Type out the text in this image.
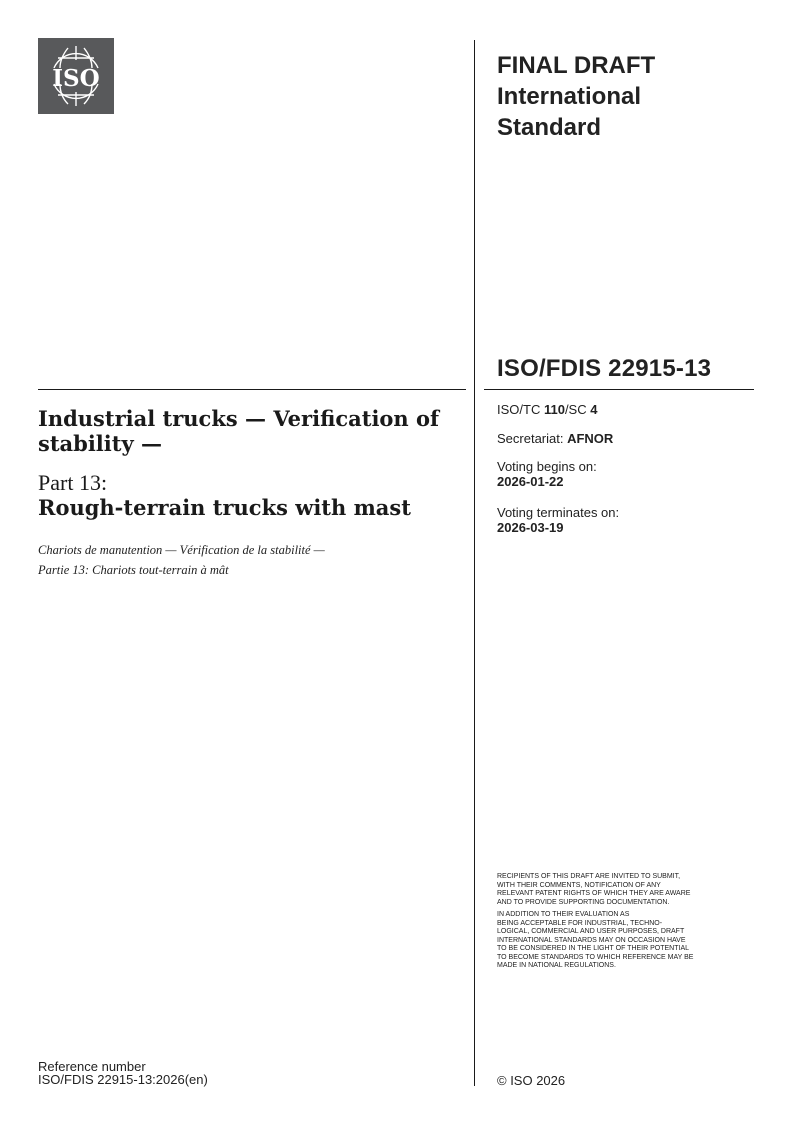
ISO	FINAL DRAFT
International
Standard
ISO/FDIS 22915-13
ISO/TC 110/SC 4
Secretariat: AFNOR
Voting begins on:
2026-01-22
Voting terminates on:
2026-03-19
Industrial trucks — Verification of stability —
Part 13:
Rough-terrain trucks with mast
Chariots de manutention — Vérification de la stabilité —
Partie 13: Chariots tout-terrain à mât
RECIPIENTS OF THIS DRAFT ARE INVITED TO SUBMIT,
WITH THEIR COMMENTS, NOTIFICATION OF ANY
RELEVANT PATENT RIGHTS OF WHICH THEY ARE AWARE
AND TO PROVIDE SUPPORTING DOCUMENTATION.
IN ADDITION TO THEIR EVALUATION AS
BEING ACCEPTABLE FOR INDUSTRIAL, TECHNO-
LOGICAL, COMMERCIAL AND USER PURPOSES, DRAFT
INTERNATIONAL STANDARDS MAY ON OCCASION HAVE
TO BE CONSIDERED IN THE LIGHT OF THEIR POTENTIAL
TO BECOME STANDARDS TO WHICH REFERENCE MAY BE
MADE IN NATIONAL REGULATIONS.
Reference number
ISO/FDIS 22915-13:2026(en)	© ISO 2026
